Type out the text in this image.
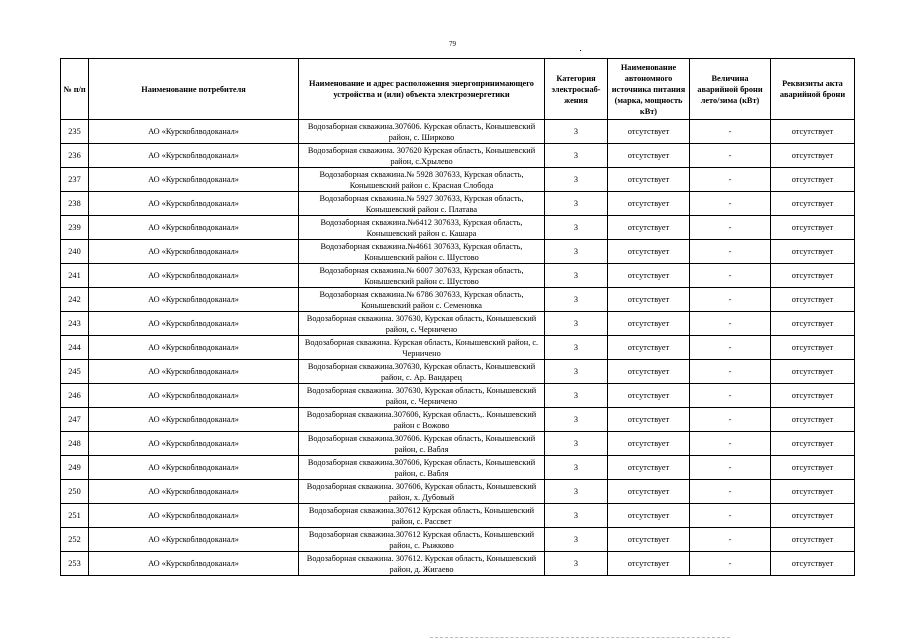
79
№ п/п	Наименование потребителя	Наименование и адрес расположения энергопринимающего устройства и (или) объекта электроэнергетики	Категория электроснаб-жения	Наименование автономного источника питания (марка, мощность кВт)	Величина аварийной брони лето/зима (кВт)	Реквизиты акта аварийной брони
235	АО «Курскоблводоканал»	Водозаборная скважина.307606. Курская область, Конышевский район, с. Ширково	3	отсутствует	-	отсутствует
236	АО «Курскоблводоканал»	Водозаборная скважина. 307620 Курская область, Конышевский район, с.Хрылево	3	отсутствует	-	отсутствует
237	АО «Курскоблводоканал»	Водозаборная скважина.№ 5928 307633, Курская область, Конышевский район с. Красная Слобода	3	отсутствует	-	отсутствует
238	АО «Курскоблводоканал»	Водозаборная скважина.№ 5927 307633, Курская область, Конышевский район с. Платава	3	отсутствует	-	отсутствует
239	АО «Курскоблводоканал»	Водозаборная скважина.№6412 307633, Курская область, Конышевский район с. Кашара	3	отсутствует	-	отсутствует
240	АО «Курскоблводоканал»	Водозаборная скважина.№4661 307633, Курская область, Конышевский район с. Шустово	3	отсутствует	-	отсутствует
241	АО «Курскоблводоканал»	Водозаборная скважина.№ 6007 307633, Курская область, Конышевский район с. Шустово	3	отсутствует	-	отсутствует
242	АО «Курскоблводоканал»	Водозаборная скважина.№ 6786 307633, Курская область, Конышевский район с. Семеновка	3	отсутствует	-	отсутствует
243	АО «Курскоблводоканал»	Водозаборная скважина. 307630, Курская область, Конышевский район, с. Черничено	3	отсутствует	-	отсутствует
244	АО «Курскоблводоканал»	Водозаборная скважина. Курская область, Конышевский район, с. Черничено	3	отсутствует	-	отсутствует
245	АО «Курскоблводоканал»	Водозаборная скважина.307630, Курская область, Конышевский район, с. Ар. Вандарец	3	отсутствует	-	отсутствует
246	АО «Курскоблводоканал»	Водозаборная скважина. 307630, Курская область, Конышевский район, с. Черничено	3	отсутствует	-	отсутствует
247	АО «Курскоблводоканал»	Водозаборная скважина.307606, Курская область,. Конышевский район с Вожово	3	отсутствует	-	отсутствует
248	АО «Курскоблводоканал»	Водозаборная скважина.307606. Курская область, Конышевский район, с. Вабля	3	отсутствует	-	отсутствует
249	АО «Курскоблводоканал»	Водозаборная скважина.307606, Курская область, Конышевский район, с. Вабля	3	отсутствует	-	отсутствует
250	АО «Курскоблводоканал»	Водозаборная скважина. 307606, Курская область, Конышевский район, х. Дубовый	3	отсутствует	-	отсутствует
251	АО «Курскоблводоканал»	Водозаборная скважина.307612 Курская область, Конышевский район, с. Рассвет	3	отсутствует	-	отсутствует
252	АО «Курскоблводоканал»	Водозаборная скважина.307612 Курская область, Конышевский район, с. Рыжково	3	отсутствует	-	отсутствует
253	АО «Курскоблводоканал»	Водозаборная скважина. 307612. Курская область, Конышевский район, д. Жигаево	3	отсутствует	-	отсутствует
